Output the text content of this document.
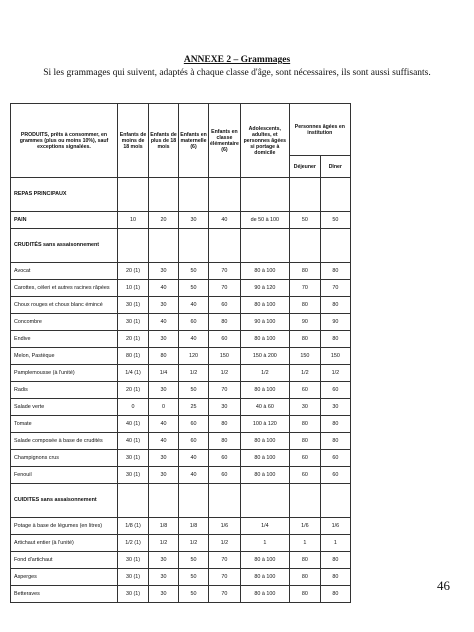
ANNEXE 2 – Grammages
Si les grammages qui suivent, adaptés à chaque classe d'âge, sont nécessaires, ils sont aussi suffisants.
PRODUITS, prêts à consommer, en grammes (plus ou moins 10%), sauf exceptions signalées.	Enfants de moins de 18 mois	Enfants de plus de 18 mois	Enfants en maternelle (6)	Enfants en classe élémentaire (6)	Adolescents, adultes, et personnes âgées si portage à domicile	Personnes âgées en institution	
						Déjeuner	Dîner
REPAS PRINCIPAUX							
PAIN	10	20	30	40	de 50 à 100	50	50
CRUDITÉS sans assaisonnement							
Avocat	20 (1)	30	50	70	80 à 100	80	80
Carottes, céleri et autres racines râpées	10 (1)	40	50	70	90 à 120	70	70
Choux rouges et choux blanc émincé	30 (1)	30	40	60	80 à 100	80	80
Concombre	30 (1)	40	60	80	90 à 100	90	90
Endive	20 (1)	30	40	60	80 à 100	80	80
Melon, Pastèque	80 (1)	80	120	150	150 à 200	150	150
Pamplemousse (à l'unité)	1/4 (1)	1/4	1/2	1/2	1/2	1/2	1/2
Radis	20 (1)	30	50	70	80 à 100	60	60
Salade verte	0	0	25	30	40 à 60	30	30
Tomate	40 (1)	40	60	80	100 à 120	80	80
Salade composée à base de crudités	40 (1)	40	60	80	80 à 100	80	80
Champignons crus	30 (1)	30	40	60	80 à 100	60	60
Fenouil	30 (1)	30	40	60	80 à 100	60	60
CUIDITES sans assaisonnement							
Potage à base de légumes (en litres)	1/8 (1)	1/8	1/8	1/6	1/4	1/6	1/6
Artichaut entier (à l'unité)	1/2 (1)	1/2	1/2	1/2	1	1	1
Fond d'artichaut	30 (1)	30	50	70	80 à 100	80	80
Asperges	30 (1)	30	50	70	80 à 100	80	80
Betteraves	30 (1)	30	50	70	80 à 100	80	80
46
